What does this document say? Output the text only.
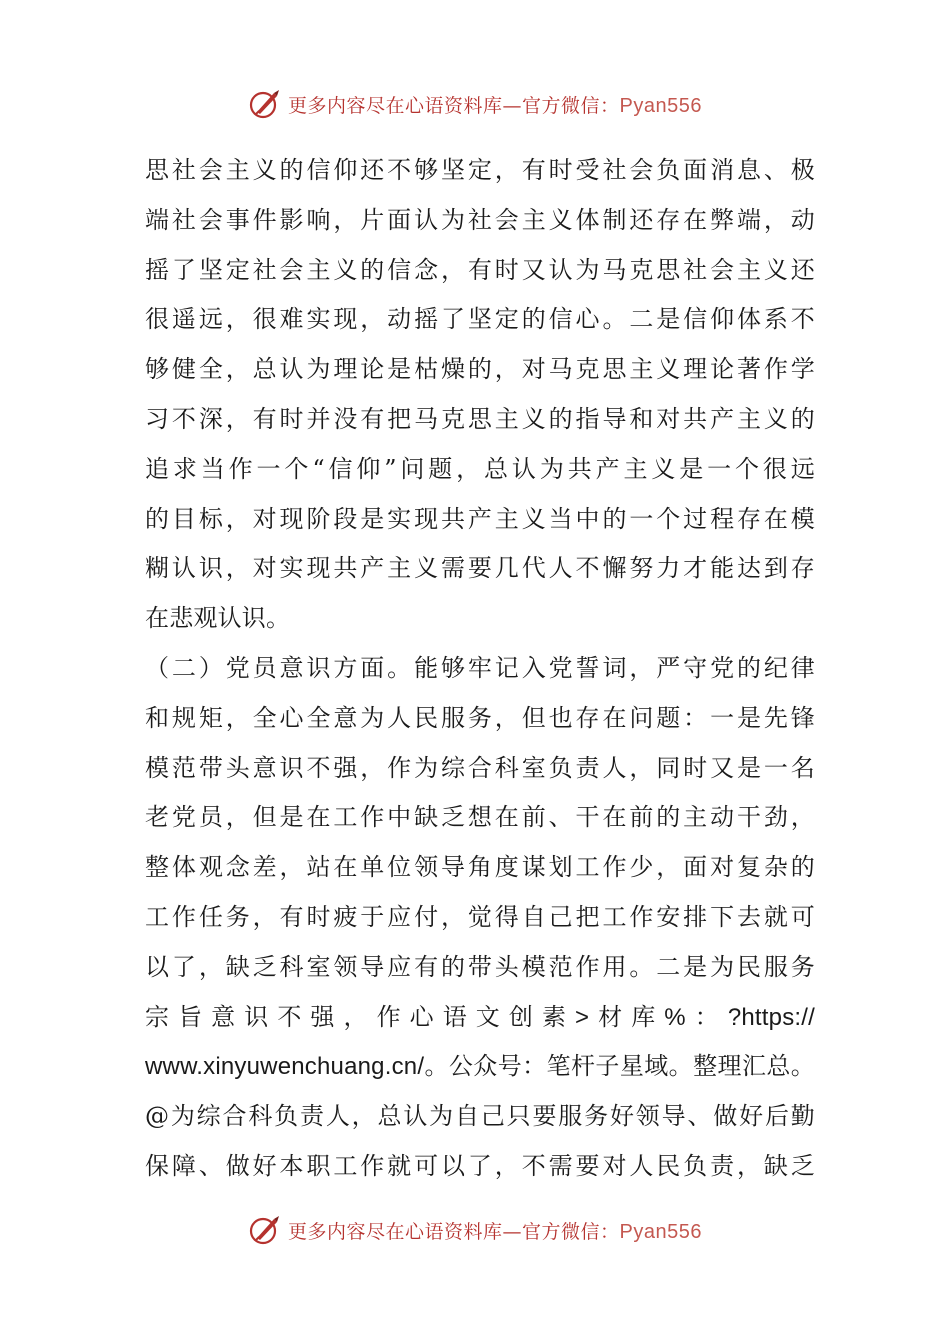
更多内容尽在心语资料库—官方微信：Pyan556
思社会主义的信仰还不够坚定，有时受社会负面消息、极
端社会事件影响，片面认为社会主义体制还存在弊端，动
摇了坚定社会主义的信念，有时又认为马克思社会主义还
很遥远，很难实现，动摇了坚定的信心。二是信仰体系不
够健全，总认为理论是枯燥的，对马克思主义理论著作学
习不深，有时并没有把马克思主义的指导和对共产主义的
追求当作一个“信仰”问题，总认为共产主义是一个很远
的目标，对现阶段是实现共产主义当中的一个过程存在模
糊认识，对实现共产主义需要几代人不懈努力才能达到存
在悲观认识。
（二）党员意识方面。能够牢记入党誓词，严守党的纪律
和规矩，全心全意为人民服务，但也存在问题：一是先锋
模范带头意识不强，作为综合科室负责人，同时又是一名
老党员，但是在工作中缺乏想在前、干在前的主动干劲，
整体观念差，站在单位领导角度谋划工作少，面对复杂的
工作任务，有时疲于应付，觉得自己把工作安排下去就可
以了，缺乏科室领导应有的带头模范作用。二是为民服务
宗旨意识不强，作心语文创素>材库%：?https://
www.xinyuwenchuang.cn/。公众号：笔杆子星域。整理汇总。
@为综合科负责人，总认为自己只要服务好领导、做好后勤
保障、做好本职工作就可以了，不需要对人民负责，缺乏
更多内容尽在心语资料库—官方微信：Pyan556
